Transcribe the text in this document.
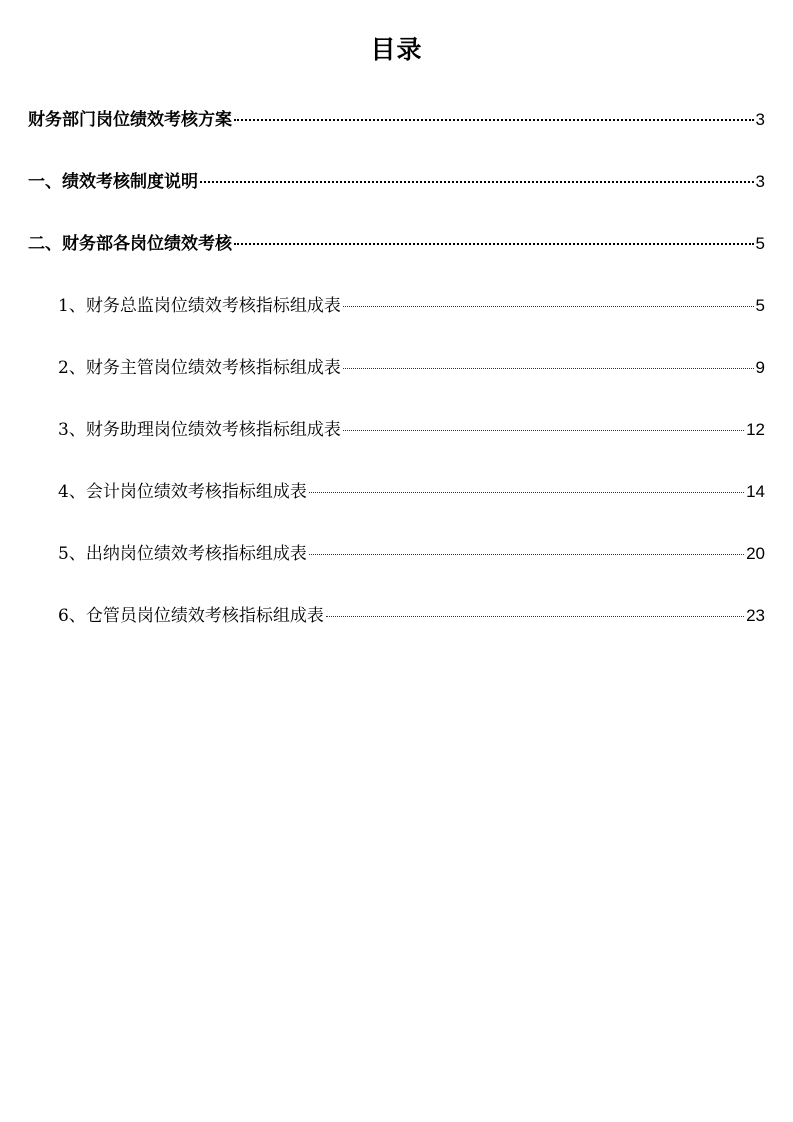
目录
财务部门岗位绩效考核方案	3
一、绩效考核制度说明	3
二、财务部各岗位绩效考核	5
1、财务总监岗位绩效考核指标组成表	5
2、财务主管岗位绩效考核指标组成表	9
3、财务助理岗位绩效考核指标组成表	12
4、会计岗位绩效考核指标组成表	14
5、出纳岗位绩效考核指标组成表	20
6、仓管员岗位绩效考核指标组成表	23
